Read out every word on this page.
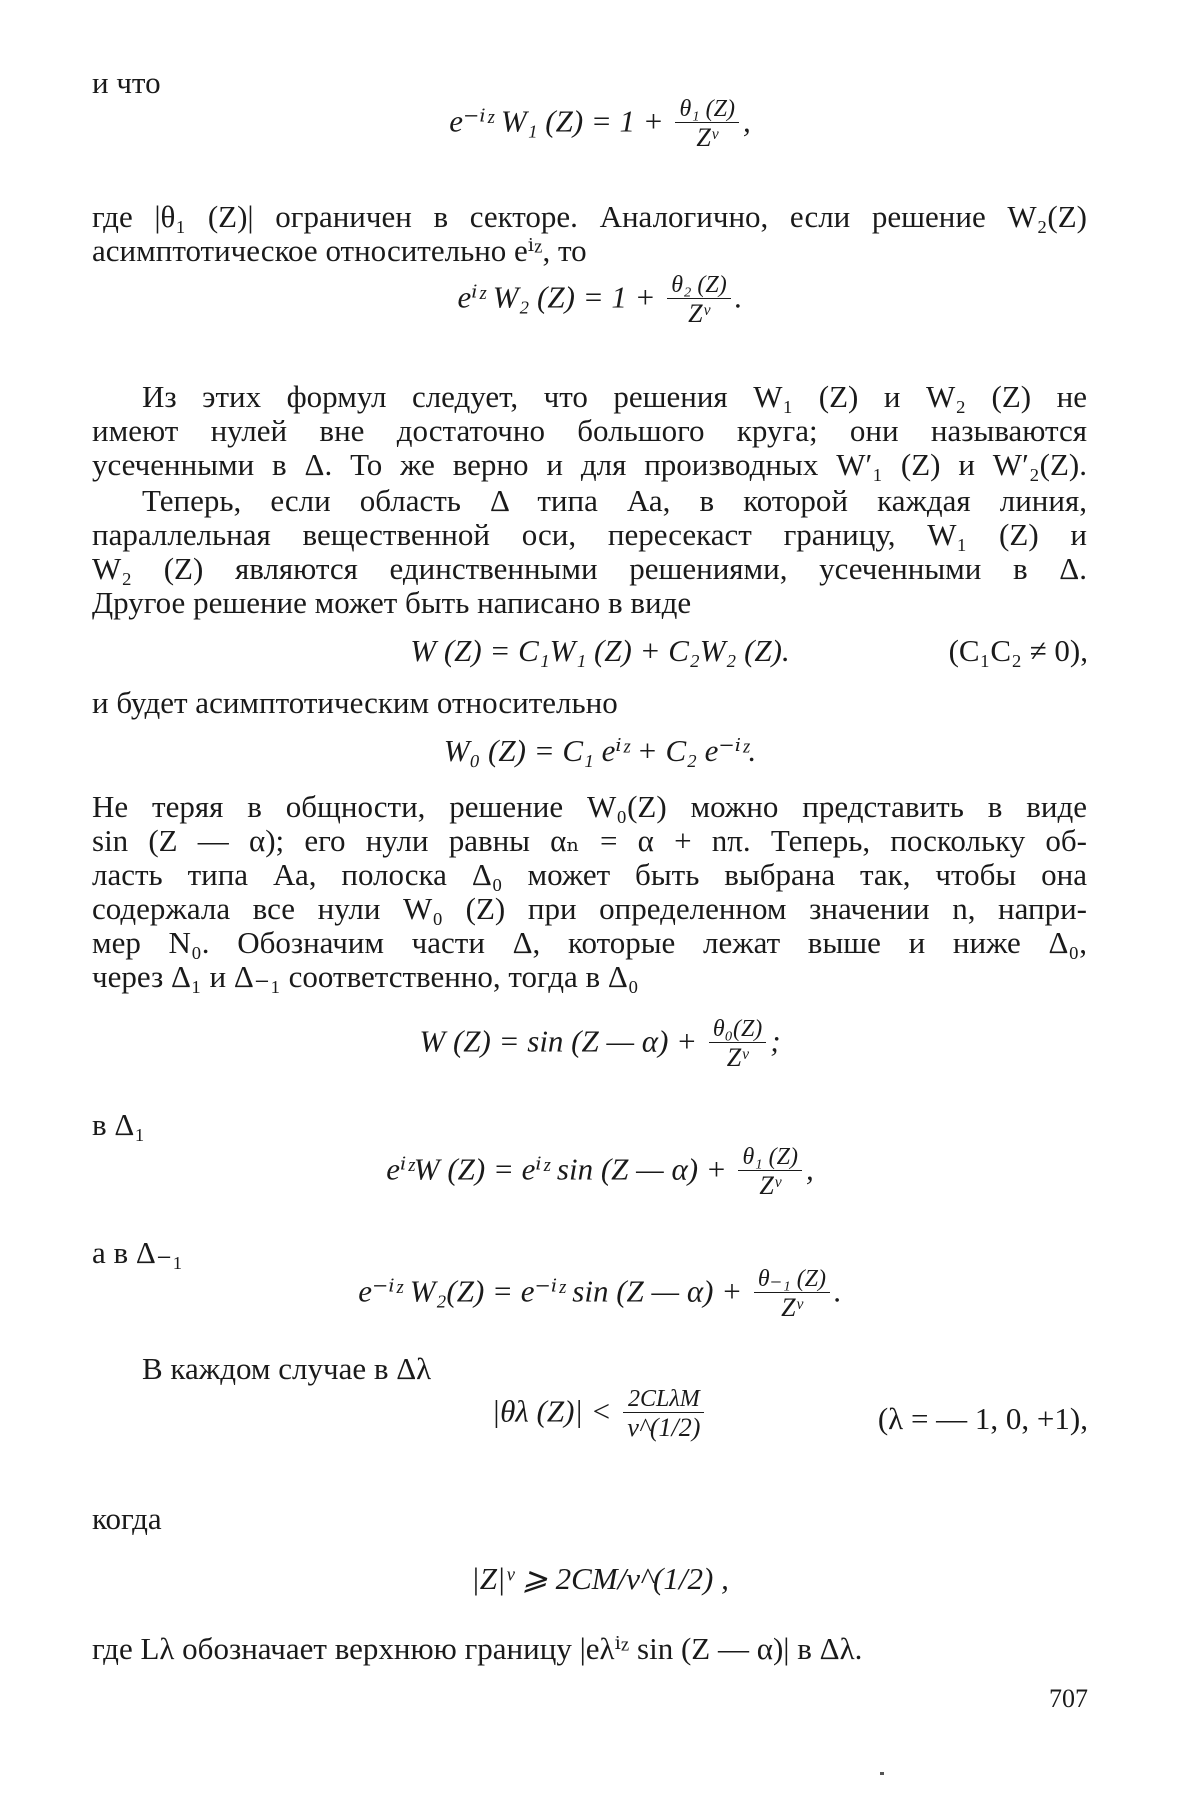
и что
e⁻ⁱᶻ W₁ $(Z) = 1 + \frac{\text{θ₁ (Z)}}{\text{Zᵛ}}$ ,
где |θ₁ (Z)| ограничен в секторе. Аналогично, если решение W₂(Z)
асимптотическое относительно eⁱᶻ, то
eⁱᶻ W₂ $(Z) = 1 + \frac{\text{θ₂ (Z)}}{\text{Zᵛ}}$ .
Из этих формул следует, что решения W₁ (Z) и W₂ (Z) не
имеют нулей вне достаточно большого круга; они называются
усеченными в Δ. То же верно и для производных W′₁ (Z) и W′₂(Z).
Теперь, если область Δ типа Аа, в которой каждая линия,
параллельная вещественной оси, пересекаст границу, W₁ (Z) и
W₂ (Z) являются единственными решениями, усеченными в Δ.
Другое решение может быть написано в виде
W (Z) = C₁W₁ (Z) + C₂W₂ (Z).	(C₁C₂ ≠ 0),
и будет асимптотическим относительно
W₀ (Z) = C₁ eⁱᶻ + C₂ e⁻ⁱᶻ.
Не теряя в общности, решение W₀(Z) можно представить в виде
sin (Z — α); его нули равны αₙ = α + nπ. Теперь, поскольку об-
ласть типа Аа, полоска Δ₀ может быть выбрана так, чтобы она
содержала все нули W₀ (Z) при определенном значении n, напри-
мер N₀. Обозначим части Δ, которые лежат выше и ниже Δ₀,
через Δ₁ и Δ₋₁ соответственно, тогда в Δ₀
W (Z) = sin (Z — $\alpha) + \frac{\text{θ₀(Z)}}{\text{Zᵛ}}$ ;
в Δ₁
eⁱᶻW (Z) = eⁱᶻ sin (Z — $\alpha) + \frac{\text{θ₁ (Z)}}{\text{Zᵛ}}$ ,
а в Δ₋₁
e⁻ⁱᶻ W₂(Z) = e⁻ⁱᶻ sin (Z — $\alpha) + \frac{\text{θ₋₁ (Z)}}{\text{Zᵛ}}$ .
В каждом случае в Δλ
|θλ $(Z)| < \frac{\text{2CLλM}}{\nu\^{}(1/2)}$	(λ = — 1, 0, +1),
когда
|Z|ᵛ ⩾ 2CM/ν^(1/2) ,
где Lλ обозначает верхнюю границу |eλⁱᶻ sin (Z — α)| в Δλ.
707
